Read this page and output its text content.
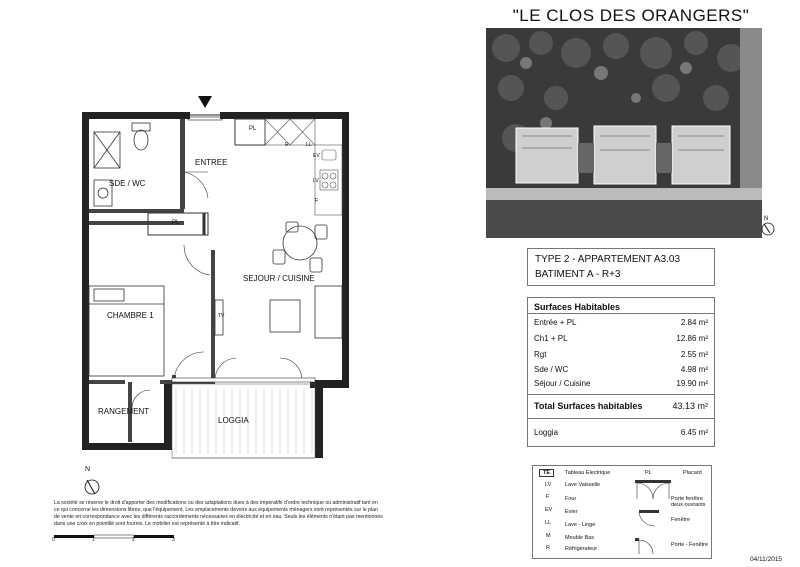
"LE CLOS DES ORANGERS"
N
TYPE 2 - APPARTEMENT A3.03
BATIMENT A - R+3
Surfaces Habitables
Entrée + PL	2.84 m²
Ch1 + PL	12.86 m²
Rgt	2.55 m²
Sde / WC	4.98 m²
Séjour / Cuisine	19.90 m²
Total Surfaces habitables	43.13 m²
Loggia	6.45 m²
TE	Tableau Electrique
LV Lave Vaisselle
F	Four
EV Evier
LL	Lave - Linge
M	Meuble Bas
R	Réfrigérateur
PL	Placard
Porte fenêtre deux ouvrants
Fenêtre
Porte - Fenêtre
ENTREE
SDE / WC
SEJOUR / CUISINE
CHAMBRE 1
RANGEMENT
LOGGIA
PL
PL
R	LL
EV
LV
F
TV
N
La société se réserve le droit d'apporter des modifications ou des adaptations dues à des impératifs d'ordre technique ou administratif tant en ce qui concerne les dimensions libres, que l'équipement. Les emplacements devoirs aux équipements ménagers sont représentés sur le plan de vente en correspondance avec les différents raccordements nécessaires en électricité et en eau. Seuls les éléments n'étant pas mentionnés dans une croix en pointillé sont fournis. Le mobilier est représenté à titre indicatif.
0	1	2	3
04/11/2015
